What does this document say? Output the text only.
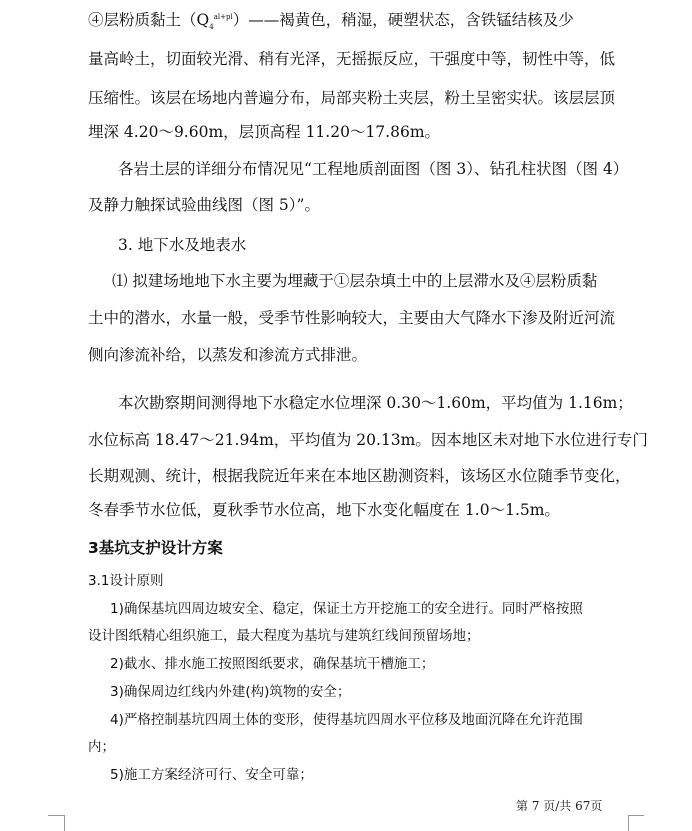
④层粉质黏土$(Q_4^{al+pl})——$褐黄色，稍湿，硬塑状态，含铁锰结核及少
量高岭土，切面较光滑、稍有光泽，无摇振反应，干强度中等，韧性中等，低
压缩性。该层在场地内普遍分布，局部夹粉土夹层，粉土呈密实状。该层层顶
埋深 4.20～9.60m，层顶高程 11.20～17.86m。
各岩土层的详细分布情况见“工程地质剖面图（图 3）、钻孔柱状图（图 4）
及静力触探试验曲线图（图 5）”。
3. 地下水及地表水
⑴ 拟建场地地下水主要为埋藏于①层杂填土中的上层滞水及④层粉质黏
土中的潜水，水量一般，受季节性影响较大，主要由大气降水下渗及附近河流
侧向渗流补给，以蒸发和渗流方式排泄。
本次勘察期间测得地下水稳定水位埋深 0.30～1.60m，平均值为 1.16m；
水位标高 18.47～21.94m，平均值为 20.13m。因本地区未对地下水位进行专门
长期观测、统计，根据我院近年来在本地区勘测资料，该场区水位随季节变化，
冬春季节水位低，夏秋季节水位高，地下水变化幅度在 1.0～1.5m。
3基坑支护设计方案
3.1设计原则
1)确保基坑四周边坡安全、稳定，保证土方开挖施工的安全进行。同时严格按照
设计图纸精心组织施工，最大程度为基坑与建筑红线间预留场地；
2)截水、排水施工按照图纸要求，确保基坑干槽施工；
3)确保周边红线内外建(构)筑物的安全；
4)严格控制基坑四周土体的变形，使得基坑四周水平位移及地面沉降在允许范围
内；
5)施工方案经济可行、安全可靠；
第 7 页/共 67页
